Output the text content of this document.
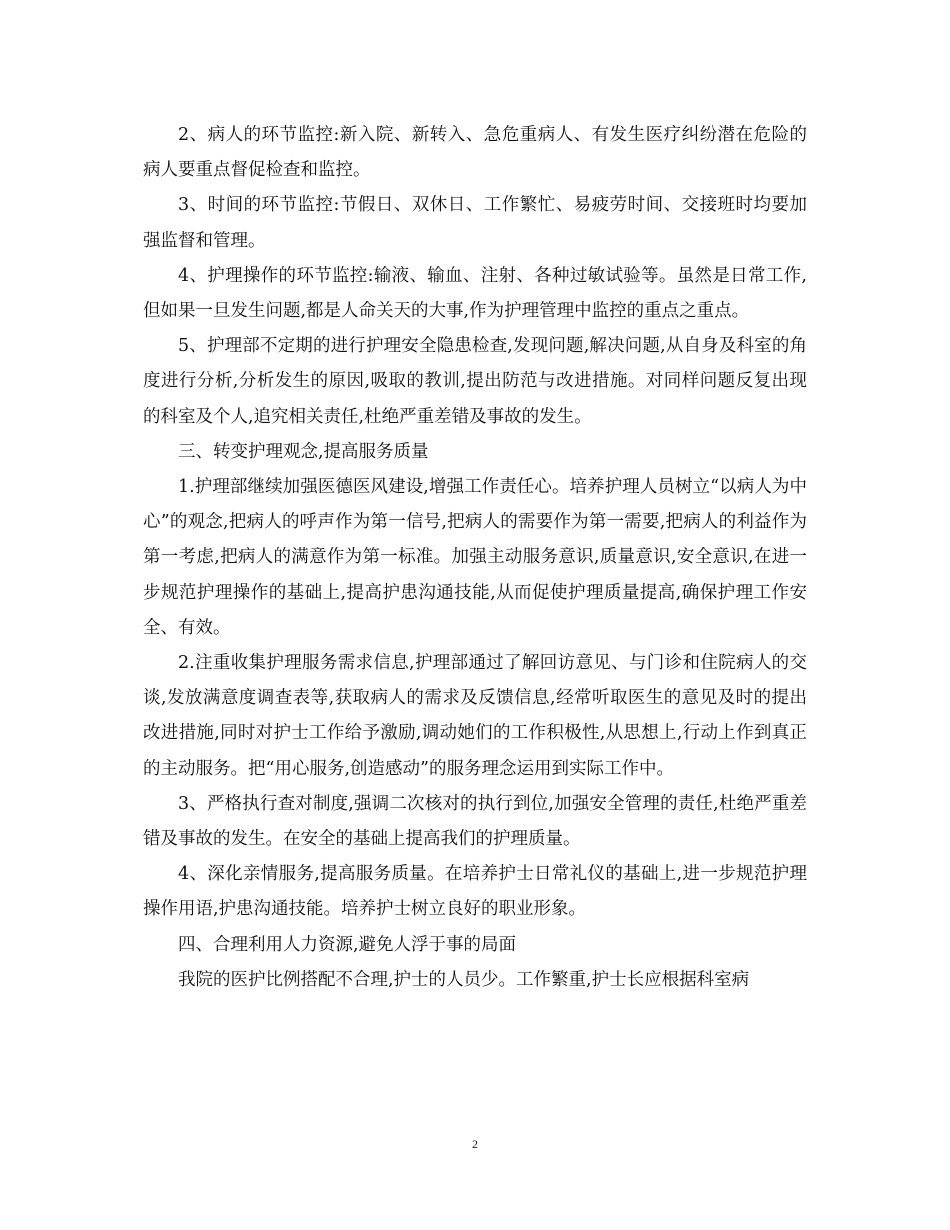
2、病人的环节监控:新入院、新转入、急危重病人、有发生医疗纠纷潜在危险的病人要重点督促检查和监控。

3、时间的环节监控:节假日、双休日、工作繁忙、易疲劳时间、交接班时均要加强监督和管理。

4、护理操作的环节监控:输液、输血、注射、各种过敏试验等。虽然是日常工作,但如果一旦发生问题,都是人命关天的大事,作为护理管理中监控的重点之重点。

5、护理部不定期的进行护理安全隐患检查,发现问题,解决问题,从自身及科室的角度进行分析,分析发生的原因,吸取的教训,提出防范与改进措施。对同样问题反复出现的科室及个人,追究相关责任,杜绝严重差错及事故的发生。

三、转变护理观念,提高服务质量

1.护理部继续加强医德医风建设,增强工作责任心。培养护理人员树立“以病人为中心”的观念,把病人的呼声作为第一信号,把病人的需要作为第一需要,把病人的利益作为第一考虑,把病人的满意作为第一标准。加强主动服务意识,质量意识,安全意识,在进一步规范护理操作的基础上,提高护患沟通技能,从而促使护理质量提高,确保护理工作安全、有效。

2.注重收集护理服务需求信息,护理部通过了解回访意见、与门诊和住院病人的交谈,发放满意度调查表等,获取病人的需求及反馈信息,经常听取医生的意见及时的提出改进措施,同时对护士工作给予激励,调动她们的工作积极性,从思想上,行动上作到真正的主动服务。把“用心服务,创造感动”的服务理念运用到实际工作中。

3、严格执行查对制度,强调二次核对的执行到位,加强安全管理的责任,杜绝严重差错及事故的发生。在安全的基础上提高我们的护理质量。

4、深化亲情服务,提高服务质量。在培养护士日常礼仪的基础上,进一步规范护理操作用语,护患沟通技能。培养护士树立良好的职业形象。

四、合理利用人力资源,避免人浮于事的局面

我院的医护比例搭配不合理,护士的人员少。工作繁重,护士长应根据科室病

2
